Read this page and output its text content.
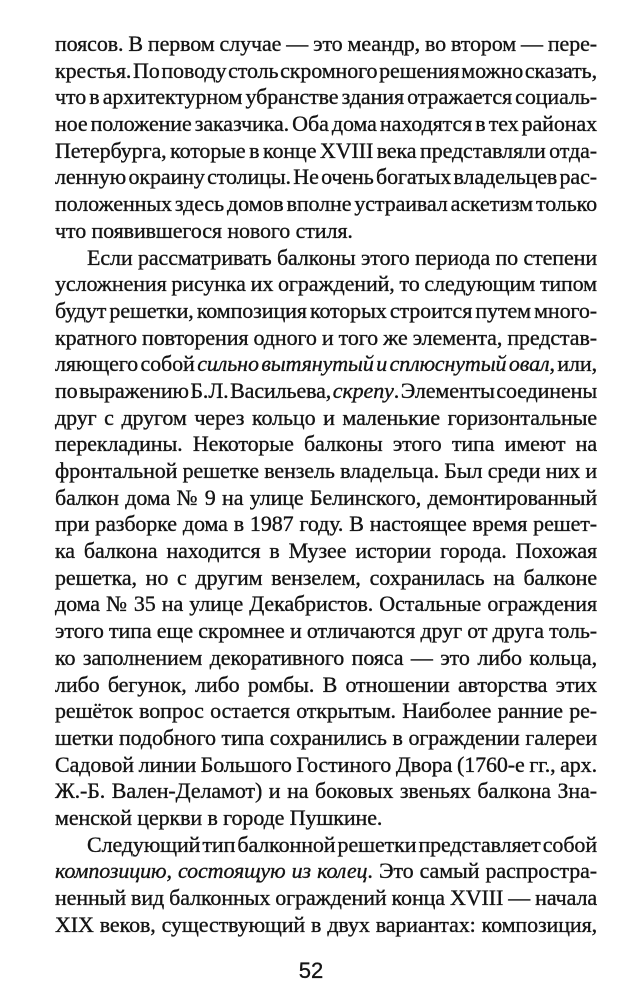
поясов. В первом случае — это меандр, во втором — пере-
крестья. По поводу столь скромного решения можно сказать,
что в архитектурном убранстве здания отражается социаль-
ное положение заказчика. Оба дома находятся в тех районах
Петербурга, которые в конце XVIII века представляли отда-
ленную окраину столицы. Не очень богатых владельцев рас-
положенных здесь домов вполне устраивал аскетизм только
что появившегося нового стиля.
Если рассматривать балконы этого периода по степени
усложнения рисунка их ограждений, то следующим типом
будут решетки, композиция которых строится путем много-
кратного повторения одного и того же элемента, представ-
ляющего собой сильно вытянутый и сплюснутый овал, или,
по выражению Б.Л. Васильева, скрепу. Элементы соединены
друг с другом через кольцо и маленькие горизонтальные
перекладины. Некоторые балконы этого типа имеют на
фронтальной решетке вензель владельца. Был среди них и
балкон дома № 9 на улице Белинского, демонтированный
при разборке дома в 1987 году. В настоящее время решет-
ка балкона находится в Музее истории города. Похожая
решетка, но с другим вензелем, сохранилась на балконе
дома № 35 на улице Декабристов. Остальные ограждения
этого типа еще скромнее и отличаются друг от друга толь-
ко заполнением декоративного пояса — это либо кольца,
либо бегунок, либо ромбы. В отношении авторства этих
решёток вопрос остается открытым. Наиболее ранние ре-
шетки подобного типа сохранились в ограждении галереи
Садовой линии Большого Гостиного Двора (1760-е гг., арх.
Ж.-Б. Вален-Деламот) и на боковых звеньях балкона Зна-
менской церкви в городе Пушкине.
Следующий тип балконной решетки представляет собой
композицию, состоящую из колец. Это самый распростра-
ненный вид балконных ограждений конца XVIII — начала
XIX веков, существующий в двух вариантах: композиция,
52
